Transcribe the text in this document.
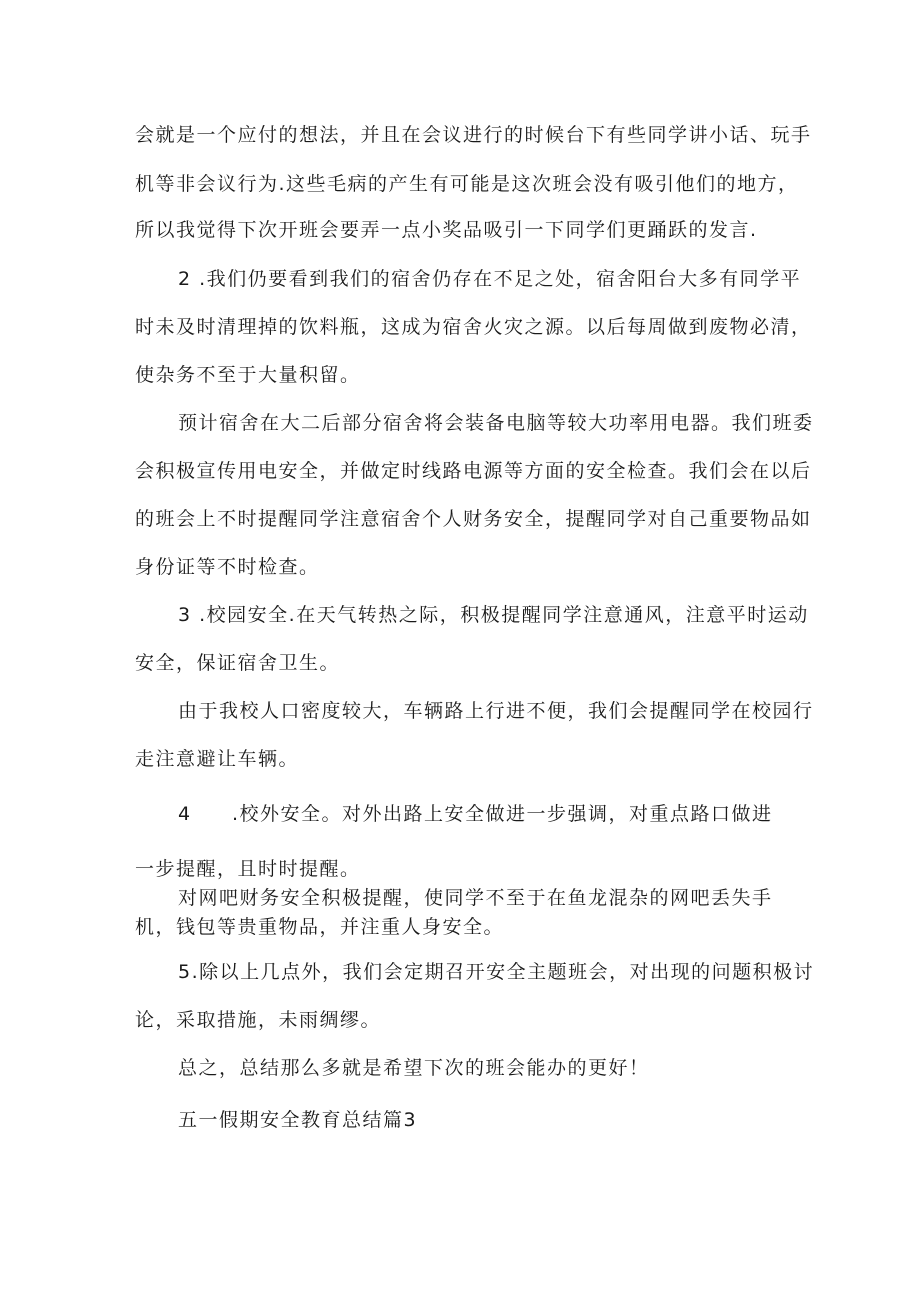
会就是一个应付的想法，并且在会议进行的时候台下有些同学讲小话、玩手
机等非会议行为.这些毛病的产生有可能是这次班会没有吸引他们的地方，
所以我觉得下次开班会要弄一点小奖品吸引一下同学们更踊跃的发言.
2 .我们仍要看到我们的宿舍仍存在不足之处，宿舍阳台大多有同学平
时未及时清理掉的饮料瓶，这成为宿舍火灾之源。以后每周做到废物必清，
使杂务不至于大量积留。
预计宿舍在大二后部分宿舍将会装备电脑等较大功率用电器。我们班委
会积极宣传用电安全，并做定时线路电源等方面的安全检查。我们会在以后
的班会上不时提醒同学注意宿舍个人财务安全，提醒同学对自己重要物品如
身份证等不时检查。
3 .校园安全.在天气转热之际，积极提醒同学注意通风，注意平时运动
安全，保证宿舍卫生。
由于我校人口密度较大，车辆路上行进不便，我们会提醒同学在校园行
走注意避让车辆。
4 .校外安全。对外出路上安全做进一步强调，对重点路口做进
一步提醒，且时时提醒。
对网吧财务安全积极提醒，使同学不至于在鱼龙混杂的网吧丢失手
机，钱包等贵重物品，并注重人身安全。
5.除以上几点外，我们会定期召开安全主题班会，对出现的问题积极讨
论，采取措施，未雨绸缪。
总之，总结那么多就是希望下次的班会能办的更好！
五一假期安全教育总结篇3
